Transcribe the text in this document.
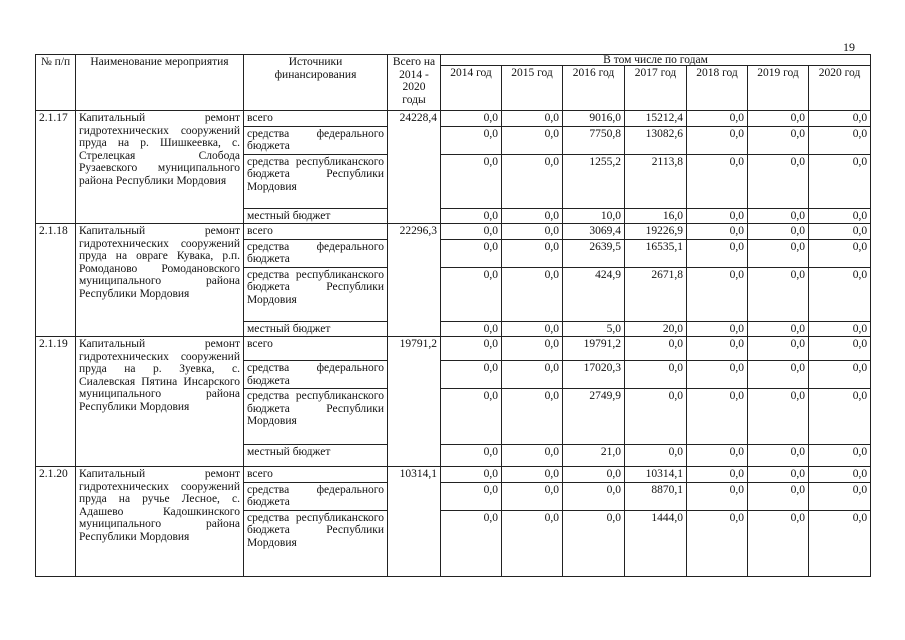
19
№ п/п	Наименование мероприятия	Источники финансирования	Всего на 2014 - 2020 годы	В том числе по годам						
				2014 год	2015 год	2016 год	2017 год	2018 год	2019 год	2020 год
2.1.17	Капитальный ремонт гидротехнических сооружений пруда на р. Шишкеевка, с. Стрелецкая Слобода Рузаевского муниципального района Республики Мордовия	всего	24228,4	0,0	0,0	9016,0	15212,4	0,0	0,0	0,0
		средства федерального бюджета		0,0	0,0	7750,8	13082,6	0,0	0,0	0,0
		средства республиканского бюджета Республики Мордовия		0,0	0,0	1255,2	2113,8	0,0	0,0	0,0
		местный бюджет		0,0	0,0	10,0	16,0	0,0	0,0	0,0
2.1.18	Капитальный ремонт гидротехнических сооружений пруда на овраге Кувака, р.п. Ромоданово Ромодановского муниципального района Республики Мордовия	всего	22296,3	0,0	0,0	3069,4	19226,9	0,0	0,0	0,0
		средства федерального бюджета		0,0	0,0	2639,5	16535,1	0,0	0,0	0,0
		средства республиканского бюджета Республики Мордовия		0,0	0,0	424,9	2671,8	0,0	0,0	0,0
		местный бюджет		0,0	0,0	5,0	20,0	0,0	0,0	0,0
2.1.19	Капитальный ремонт гидротехнических сооружений пруда на р. Зуевка, с. Сиалевская Пятина Инсарского муниципального района Республики Мордовия	всего	19791,2	0,0	0,0	19791,2	0,0	0,0	0,0	0,0
		средства федерального бюджета		0,0	0,0	17020,3	0,0	0,0	0,0	0,0
		средства республиканского бюджета Республики Мордовия		0,0	0,0	2749,9	0,0	0,0	0,0	0,0
		местный бюджет		0,0	0,0	21,0	0,0	0,0	0,0	0,0
2.1.20	Капитальный ремонт гидротехнических сооружений пруда на ручье Лесное, с. Адашево Кадошкинского муниципального района Республики Мордовия	всего	10314,1	0,0	0,0	0,0	10314,1	0,0	0,0	0,0
		средства федерального бюджета		0,0	0,0	0,0	8870,1	0,0	0,0	0,0
		средства республиканского бюджета Республики Мордовия		0,0	0,0	0,0	1444,0	0,0	0,0	0,0
